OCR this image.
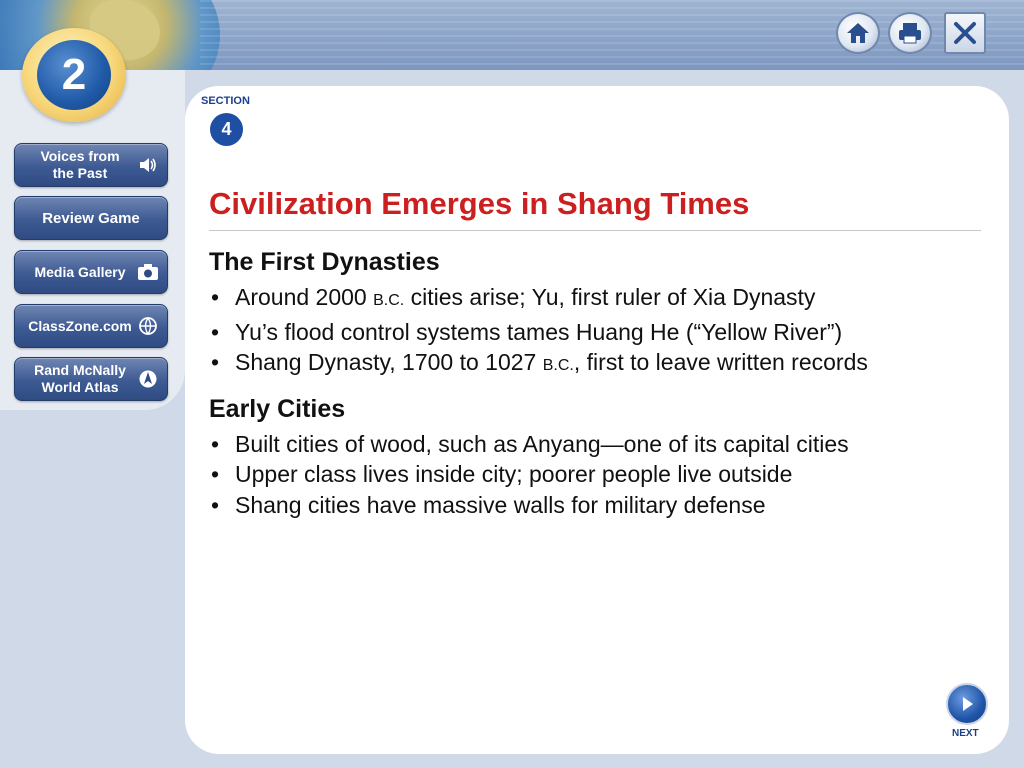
2
Voices from
the Past
Review Game
Media Gallery
ClassZone.com
Rand McNally
World Atlas
SECTION
4
Civilization Emerges in Shang Times
The First Dynasties
• Around 2000 B.C. cities arise; Yu, first ruler of Xia Dynasty
• Yu’s flood control systems tames Huang He (“Yellow River”)
• Shang Dynasty, 1700 to 1027 B.C., first to leave written records
Early Cities
• Built cities of wood, such as Anyang—one of its capital cities
• Upper class lives inside city; poorer people live outside
• Shang cities have massive walls for military defense
NEXT
